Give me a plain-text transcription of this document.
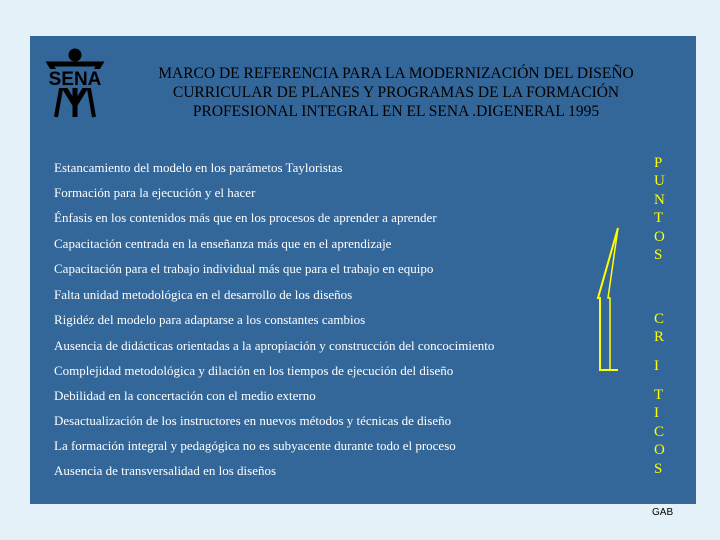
SENA	MARCO DE REFERENCIA PARA LA MODERNIZACIÓN DEL DISEÑO
CURRICULAR DE PLANES Y PROGRAMAS DE LA FORMACIÓN
PROFESIONAL INTEGRAL EN EL SENA .DIGENERAL 1995
Estancamiento del modelo en los parámetos Tayloristas
Formación para la ejecución y el hacer
Énfasis en los contenidos más que en los procesos de aprender a aprender
Capacitación centrada en la enseñanza más que en el aprendizaje
Capacitación para el trabajo individual más que para el trabajo en equipo
Falta unidad metodológica en el desarrollo de los diseños
Rigidéz del modelo para adaptarse a los constantes cambios
Ausencia de didácticas orientadas a la apropiación y construcción del concocimiento
Complejidad metodológica y dilación en los tiempos de ejecución del diseño
Debilidad en la concertación con el medio externo
Desactualización de los instructores en nuevos métodos y técnicas de diseño
La formación integral y pedagógica no es subyacente durante todo el proceso
Ausencia de transversalidad en los diseños
P
U
N
T
O
S
C
R
I
T
I
C
O
S
GAB
